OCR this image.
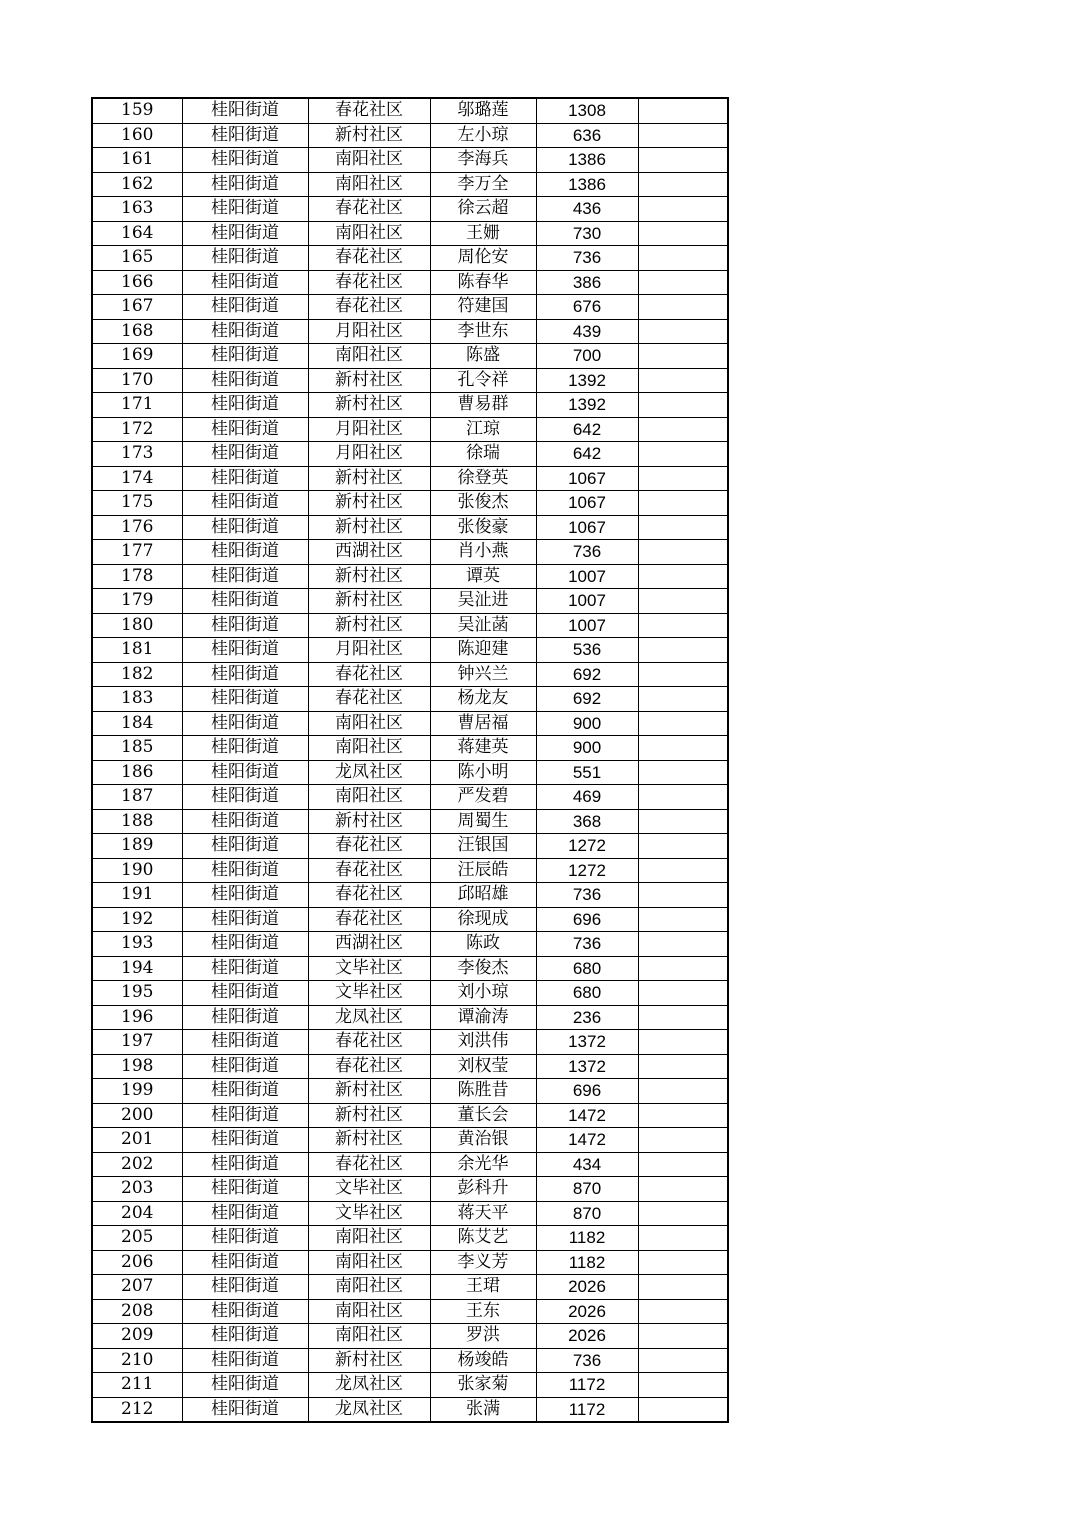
159	桂阳街道	春花社区	邬璐莲	1308	
160	桂阳街道	新村社区	左小琼	636	
161	桂阳街道	南阳社区	李海兵	1386	
162	桂阳街道	南阳社区	李万全	1386	
163	桂阳街道	春花社区	徐云超	436	
164	桂阳街道	南阳社区	王姗	730	
165	桂阳街道	春花社区	周伦安	736	
166	桂阳街道	春花社区	陈春华	386	
167	桂阳街道	春花社区	符建国	676	
168	桂阳街道	月阳社区	李世东	439	
169	桂阳街道	南阳社区	陈盛	700	
170	桂阳街道	新村社区	孔令祥	1392	
171	桂阳街道	新村社区	曹易群	1392	
172	桂阳街道	月阳社区	江琼	642	
173	桂阳街道	月阳社区	徐瑞	642	
174	桂阳街道	新村社区	徐登英	1067	
175	桂阳街道	新村社区	张俊杰	1067	
176	桂阳街道	新村社区	张俊豪	1067	
177	桂阳街道	西湖社区	肖小燕	736	
178	桂阳街道	新村社区	谭英	1007	
179	桂阳街道	新村社区	吴沚进	1007	
180	桂阳街道	新村社区	吴沚菡	1007	
181	桂阳街道	月阳社区	陈迎建	536	
182	桂阳街道	春花社区	钟兴兰	692	
183	桂阳街道	春花社区	杨龙友	692	
184	桂阳街道	南阳社区	曹居福	900	
185	桂阳街道	南阳社区	蒋建英	900	
186	桂阳街道	龙凤社区	陈小明	551	
187	桂阳街道	南阳社区	严发碧	469	
188	桂阳街道	新村社区	周蜀生	368	
189	桂阳街道	春花社区	汪银国	1272	
190	桂阳街道	春花社区	汪辰皓	1272	
191	桂阳街道	春花社区	邱昭雄	736	
192	桂阳街道	春花社区	徐现成	696	
193	桂阳街道	西湖社区	陈政	736	
194	桂阳街道	文毕社区	李俊杰	680	
195	桂阳街道	文毕社区	刘小琼	680	
196	桂阳街道	龙凤社区	谭渝涛	236	
197	桂阳街道	春花社区	刘洪伟	1372	
198	桂阳街道	春花社区	刘权莹	1372	
199	桂阳街道	新村社区	陈胜昔	696	
200	桂阳街道	新村社区	董长会	1472	
201	桂阳街道	新村社区	黄治银	1472	
202	桂阳街道	春花社区	余光华	434	
203	桂阳街道	文毕社区	彭科升	870	
204	桂阳街道	文毕社区	蒋天平	870	
205	桂阳街道	南阳社区	陈艾艺	1182	
206	桂阳街道	南阳社区	李义芳	1182	
207	桂阳街道	南阳社区	王珺	2026	
208	桂阳街道	南阳社区	王东	2026	
209	桂阳街道	南阳社区	罗洪	2026	
210	桂阳街道	新村社区	杨竣皓	736	
211	桂阳街道	龙凤社区	张家菊	1172	
212	桂阳街道	龙凤社区	张满	1172	
